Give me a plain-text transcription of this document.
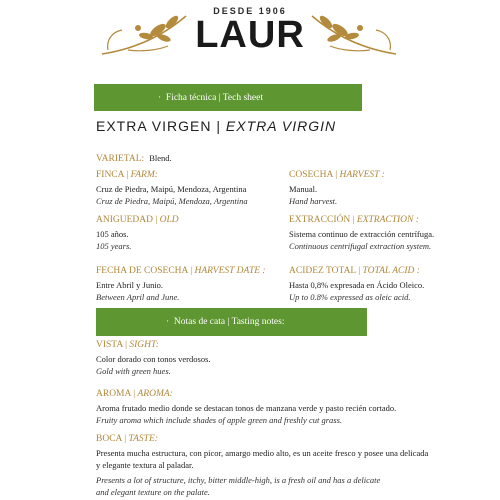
DESDE 1906
LAUR
·  Ficha técnica | Tech sheet
EXTRA VIRGEN | EXTRA VIRGIN
VARIETAL: Blend.
FINCA | FARM:
Cruz de Piedra, Maipú, Mendoza, Argentina
Cruz de Piedra, Maipú, Mendoza, Argentina
COSECHA | HARVEST :
Manual.
Hand harvest.
ANIGUEDAD | OLD
105 años.
105 years.
EXTRACCIÓN | EXTRACTION :
Sistema continuo de extracción centrífuga.
Continuous centrifugal extraction system.
FECHA DE COSECHA | HARVEST DATE :
Entre Abril y Junio.
Between April and June.
ACIDEZ TOTAL | TOTAL ACID :
Hasta 0,8% expresada en Ácido Oleico.
Up to 0.8% expressed as oleic acid.
·  Notas de cata | Tasting notes:
VISTA | SIGHT:
Color dorado con tonos verdosos.
Gold with green hues.
AROMA | AROMA:
Aroma frutado medio donde se destacan tonos de manzana verde y pasto recién cortado.
Fruity aroma which include shades of apple green and freshly cut grass.
BOCA | TASTE:
Presenta mucha estructura, con picor, amargo medio alto, es un aceite fresco y posee una delicada
y elegante textura al paladar.
Presents a lot of structure, itchy, bitter middle-high, is a fresh oil and has a delicate
and elegant texture on the palate.
